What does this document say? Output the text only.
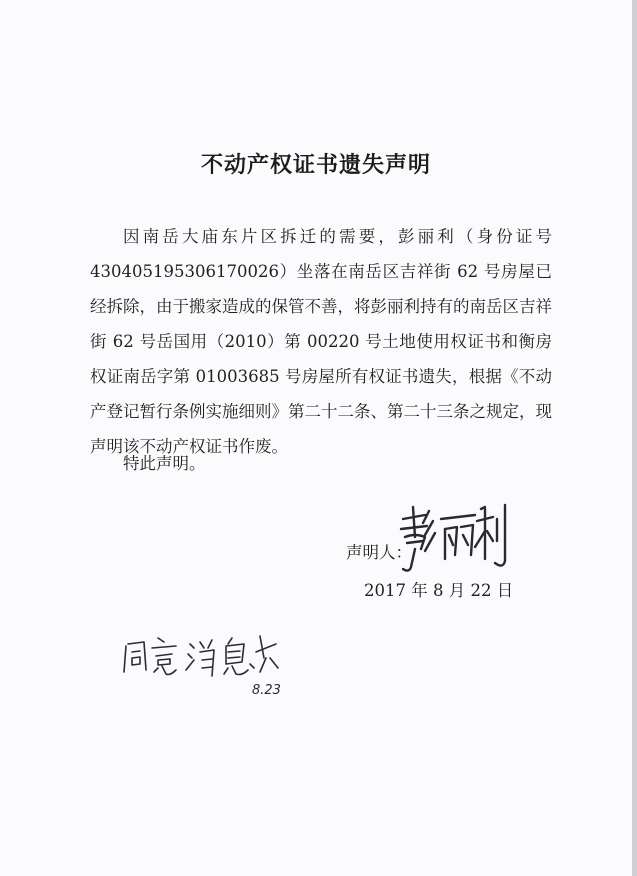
不动产权证书遗失声明

因南岳大庙东片区拆迁的需要，彭丽利（身份证号430405195306170026）坐落在南岳区吉祥街 62 号房屋已经拆除，由于搬家造成的保管不善，将彭丽利持有的南岳区吉祥街 62 号岳国用（2010）第 00220 号土地使用权证书和衡房权证南岳字第 01003685 号房屋所有权证书遗失，根据《不动产登记暂行条例实施细则》第二十二条、第二十三条之规定，现声明该不动产权证书作废。

特此声明。
声明人：
2017 年 8 月 22 日
8.23
